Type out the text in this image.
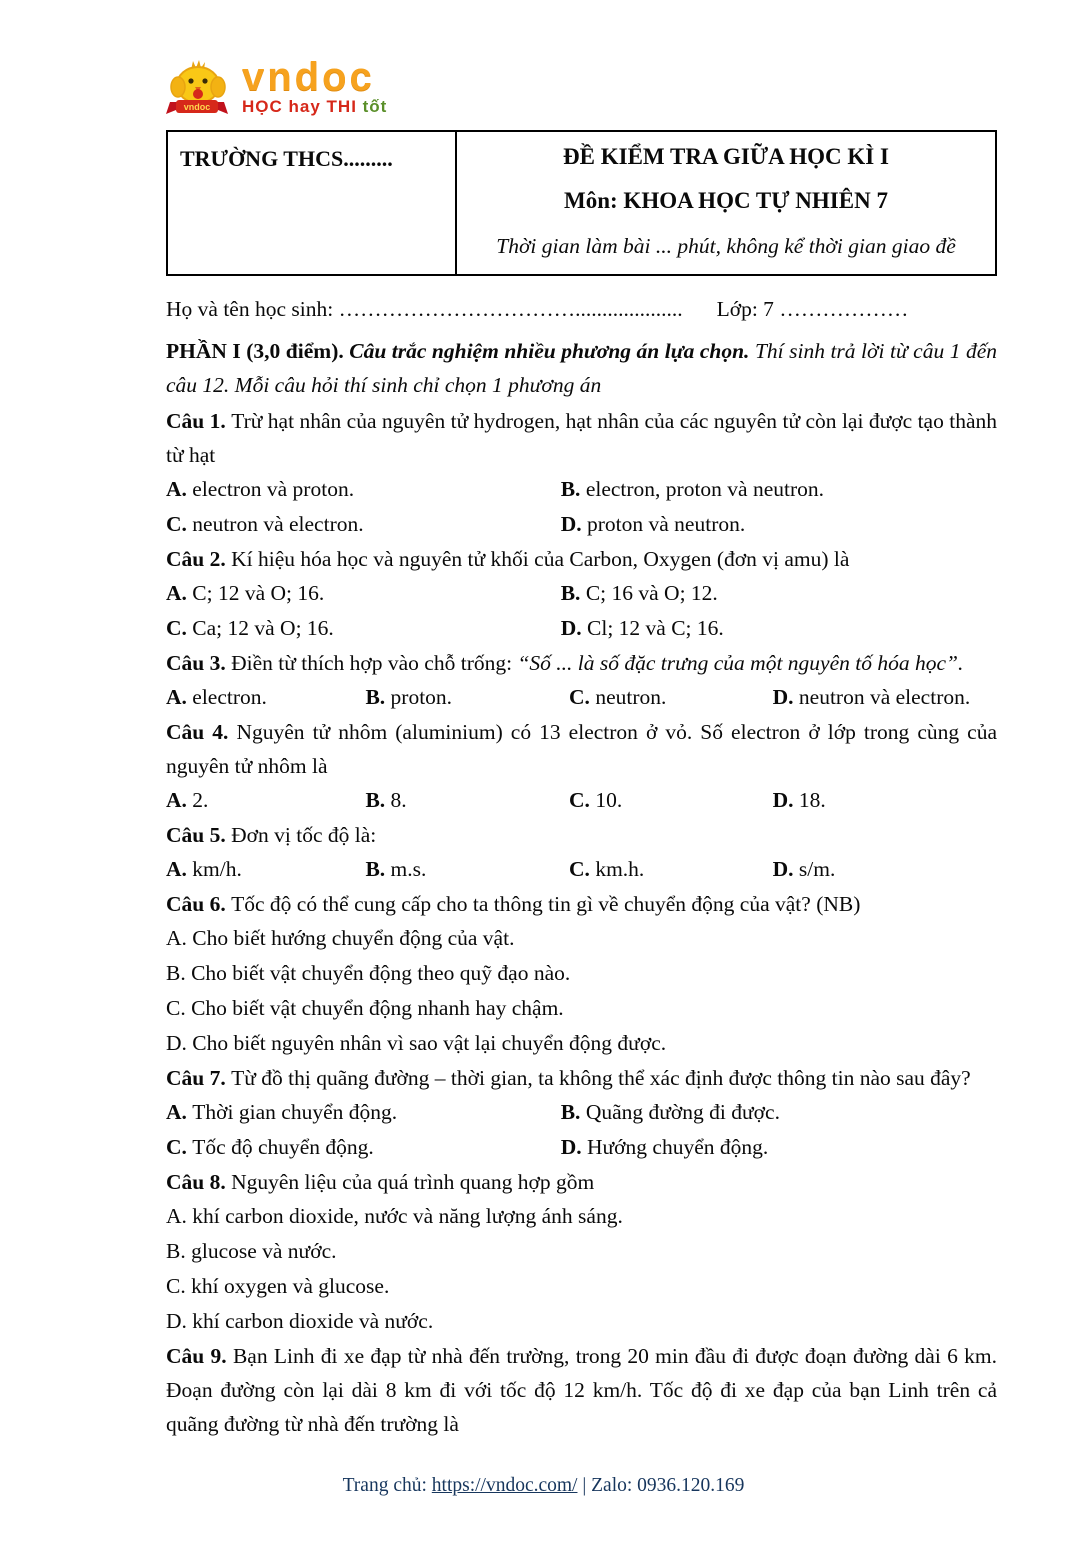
vndoc
vndoc
HỌC hay THI tốt
TRƯỜNG THCS.........	ĐỀ KIỂM TRA GIỮA HỌC KÌ I
Môn: KHOA HỌC TỰ NHIÊN 7
Thời gian làm bài ... phút, không kể thời gian giao đề

Họ và tên học sinh: …………………………….................... Lớp: 7 ………………

PHẦN I (3,0 điểm). Câu trắc nghiệm nhiều phương án lựa chọn. Thí sinh trả lời từ câu 1 đến câu 12. Mỗi câu hỏi thí sinh chỉ chọn 1 phương án

Câu 1. Trừ hạt nhân của nguyên tử hydrogen, hạt nhân của các nguyên tử còn lại được tạo thành từ hạt

A. electron và proton.	B. electron, proton và neutron.
C. neutron và electron.	D. proton và neutron.

Câu 2. Kí hiệu hóa học và nguyên tử khối của Carbon, Oxygen (đơn vị amu) là

A. C; 12 và O; 16.	B. C; 16 và O; 12.
C. Ca; 12 và O; 16.	D. Cl; 12 và C; 16.

Câu 3. Điền từ thích hợp vào chỗ trống: “Số ... là số đặc trưng của một nguyên tố hóa học”.

A. electron.	B. proton.	C. neutron.	D. neutron và electron.

Câu 4. Nguyên tử nhôm (aluminium) có 13 electron ở vỏ. Số electron ở lớp trong cùng của nguyên tử nhôm là

A. 2.	B. 8.	C. 10.	D. 18.

Câu 5. Đơn vị tốc độ là:

A. km/h.	B. m.s.	C. km.h.	D. s/m.

Câu 6. Tốc độ có thể cung cấp cho ta thông tin gì về chuyển động của vật? (NB)

A. Cho biết hướng chuyển động của vật.

B. Cho biết vật chuyển động theo quỹ đạo nào.

C. Cho biết vật chuyển động nhanh hay chậm.

D. Cho biết nguyên nhân vì sao vật lại chuyển động được.

Câu 7. Từ đồ thị quãng đường – thời gian, ta không thể xác định được thông tin nào sau đây?

A. Thời gian chuyển động.	B. Quãng đường đi được.
C. Tốc độ chuyển động.	D. Hướng chuyển động.

Câu 8. Nguyên liệu của quá trình quang hợp gồm

A. khí carbon dioxide, nước và năng lượng ánh sáng.

B. glucose và nước.

C. khí oxygen và glucose.

D. khí carbon dioxide và nước.

Câu 9. Bạn Linh đi xe đạp từ nhà đến trường, trong 20 min đầu đi được đoạn đường dài 6 km. Đoạn đường còn lại dài 8 km đi với tốc độ 12 km/h. Tốc độ đi xe đạp của bạn Linh trên cả quãng đường từ nhà đến trường là

Trang chủ: https://vndoc.com/ | Zalo: 0936.120.169
